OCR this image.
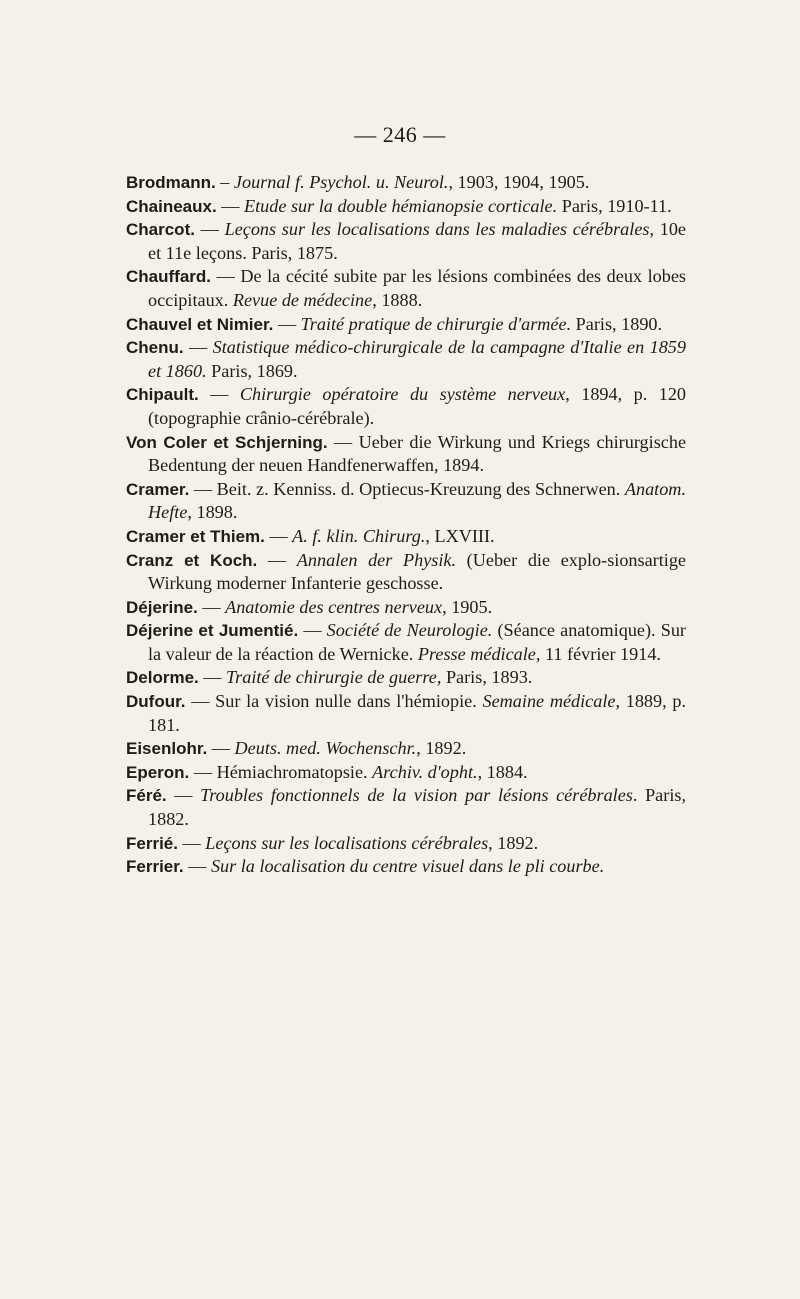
— 246 —

Brodmann. – Journal f. Psychol. u. Neurol., 1903, 1904, 1905.

Chaineaux. — Etude sur la double hémianopsie corticale. Paris, 1910-11.

Charcot. — Leçons sur les localisations dans les maladies cérébrales, 10e et 11e leçons. Paris, 1875.

Chauffard. — De la cécité subite par les lésions combinées des deux lobes occipitaux. Revue de médecine, 1888.

Chauvel et Nimier. — Traité pratique de chirurgie d'armée. Paris, 1890.

Chenu. — Statistique médico-chirurgicale de la campagne d'Italie en 1859 et 1860. Paris, 1869.

Chipault. — Chirurgie opératoire du système nerveux, 1894, p. 120 (topographie crânio-cérébrale).

Von Coler et Schjerning. — Ueber die Wirkung und Kriegs chirurgische Bedentung der neuen Handfenerwaffen, 1894.

Cramer. — Beit. z. Kenniss. d. Optiecus-Kreuzung des Schnerwen. Anatom. Hefte, 1898.

Cramer et Thiem. — A. f. klin. Chirurg., LXVIII.

Cranz et Koch. — Annalen der Physik. (Ueber die explo-sionsartige Wirkung moderner Infanterie geschosse.

Déjerine. — Anatomie des centres nerveux, 1905.

Déjerine et Jumentié. — Société de Neurologie. (Séance anatomique). Sur la valeur de la réaction de Wernicke. Presse médicale, 11 février 1914.

Delorme. — Traité de chirurgie de guerre, Paris, 1893.

Dufour. — Sur la vision nulle dans l'hémiopie. Semaine médicale, 1889, p. 181.

Eisenlohr. — Deuts. med. Wochenschr., 1892.

Eperon. — Hémiachromatopsie. Archiv. d'opht., 1884.

Féré. — Troubles fonctionnels de la vision par lésions cérébrales. Paris, 1882.

Ferrié. — Leçons sur les localisations cérébrales, 1892.

Ferrier. — Sur la localisation du centre visuel dans le pli courbe.
